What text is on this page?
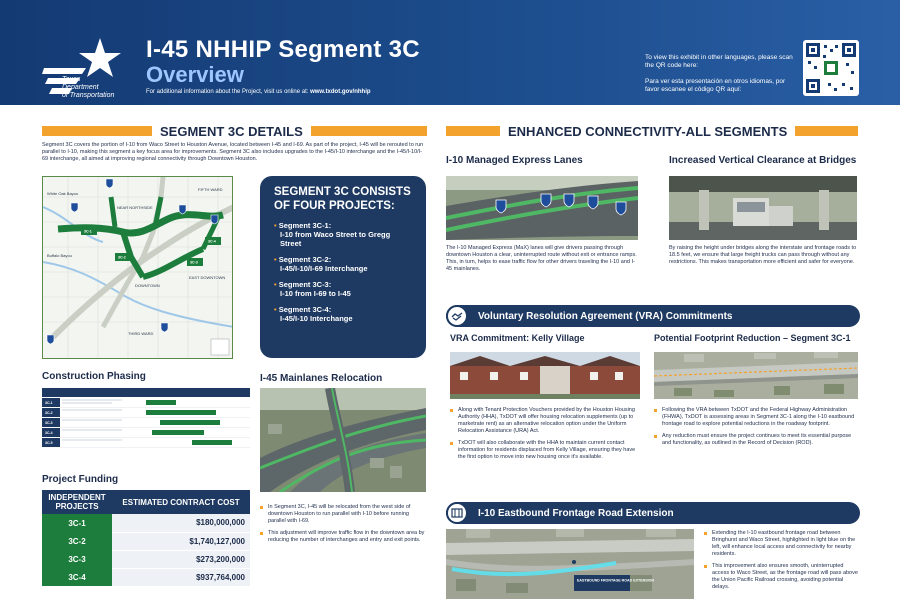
Texas
Department
of Transportation
I-45 NHHIP Segment 3C
Overview
For additional information about the Project, visit us online at: www.txdot.gov/nhhip
To view this exhibit in other languages, please scan the QR code here:
Para ver esta presentación en otros idiomas, por favor escanee el código QR aquí:
SEGMENT 3C DETAILS
Segment 3C covers the portion of I-10 from Waco Street to Houston Avenue, located between I-45 and I-69. As part of the project, I-45 will be rerouted to run parallel to I-10, making this segment a key focus area for improvements. Segment 3C also includes upgrades to the I-45/I-10 interchange and the I-45/I-10/I-69 interchange, all aimed at improving regional connectivity through Downtown Houston.
3C-1
3C-2
3C-4
3C-3
White Oak Bayou
NEAR NORTHSIDE
FIFTH WARD
Buffalo Bayou
EAST DOWNTOWN
THIRD WARD
DOWNTOWN
SEGMENT 3C CONSISTS OF FOUR PROJECTS:
• Segment 3C-1:
I-10 from Waco Street to Gregg Street
• Segment 3C-2:
I-45/I-10/I-69 Interchange
• Segment 3C-3:
I-10 from I-69 to I-45
• Segment 3C-4:
I-45/I-10 Interchange
Construction Phasing
3C-1
3C-2
3C-3
3C-4
3C-5
Project Funding
INDEPENDENT PROJECTS	ESTIMATED CONTRACT COST
3C-1	$180,000,000
3C-2	$1,740,127,000
3C-3	$273,200,000
3C-4	$937,764,000
I-45 Mainlanes Relocation

In Segment 3C, I-45 will be relocated from the west side of downtown Houston to run parallel with I-10 before running parallel with I-69.

This adjustment will improve traffic flow in the downtown area by reducing the number of interchanges and entry and exit points.

ENHANCED CONNECTIVITY-ALL SEGMENTS
I-10 Managed Express Lanes
The I-10 Managed Express (MaX) lanes will give drivers passing through downtown Houston a clear, uninterrupted route without exit or entrance ramps. This, in turn, helps to ease traffic flow for other drivers traveling the I-10 and I-45 mainlanes.
Increased Vertical Clearance at Bridges
By raising the height under bridges along the interstate and frontage roads to 18.5 feet, we ensure that large freight trucks can pass through without any restrictions. This makes transportation more efficient and safer for everyone.
Voluntary Resolution Agreement (VRA) Commitments
VRA Commitment: Kelly Village

Along with Tenant Protection Vouchers provided by the Houston Housing Authority (HHA), TxDOT will offer housing relocation supplements (up to marketrate rent) as an alternative relocation option under the Uniform Relocation Assistance (URA) Act.

TxDOT will also collaborate with the HHA to maintain current contact information for residents displaced from Kelly Village, ensuring they have the first option to move into new housing once it's available.

Potential Footprint Reduction – Segment 3C-1

Following the VRA between TxDOT and the Federal Highway Administration (FHWA), TxDOT is assessing areas in Segment 3C-1 along the I-10 eastbound frontage road to explore potential reductions in the roadway footprint.

Any reduction must ensure the project continues to meet its essential purpose and functionality, as outlined in the Record of Decision (ROD).

I-10 Eastbound Frontage Road Extension
EASTBOUND FRONTAGE ROAD EXTENSION

Extending the I-10 eastbound frontage road between Bringhurst and Waco Street, highlighted in light blue on the left, will enhance local access and connectivity for nearby residents.

This improvement also ensures smooth, uninterrupted access to Waco Street, as the frontage road will pass above the Union Pacific Railroad crossing, avoiding potential delays.
